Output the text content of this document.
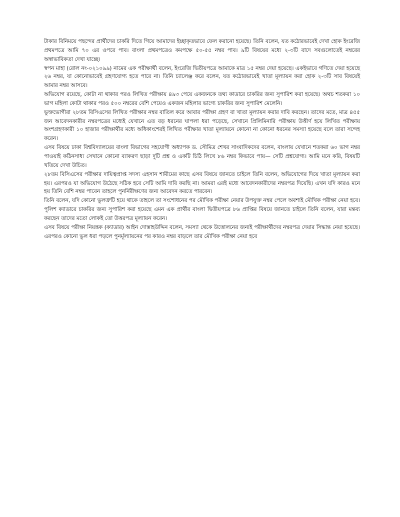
টাকার বিনিময়ে পছন্দের প্রার্থীদের চাকরি দিতে গিয়ে আমাদের ইচ্ছাকৃতভাবে ফেল করানো হয়েছে। তিনি বলেন, যত কঠোরভাবেই দেখা হোক ইংরেজি প্রথমপত্রে আমি ৭০ এর ওপরে পাব। বাংলা প্রথমপত্রেও কমপক্ষে ৫০-৫৫ নম্বর পাব। ৯টি বিষয়ের মধ্যে ২-৩টি বাদে সবগুলোতেই নম্বরের অস্বাভাবিকতা দেখা যাচ্ছে।

স্বপন মাহা (রোল নং-০২১০৯৯) নামের এক পরীক্ষার্থী বলেন, ইংরেজি দ্বিতীয়পত্রে আমাকে মাত্র ১৫ নম্বর দেয়া হয়েছে। একইভাবে গণিতে দেয়া হয়েছে ২৬ নম্বর, যা কোনোভাবেই গ্রহণযোগ্য হতে পারে না। তিনি চ্যালেঞ্জ করে বলেন, যত কঠোরভাবেই খাতা মূল্যায়ন করা হোক ২-৩টি সাব বিষয়েই আমার নম্বর আসবে।

অভিযোগ রয়েছে, কোটা না থাকার পরও লিখিত পরীক্ষায় ৪৯৩ পেয়ে একজনকে তথ্য কাডারে চাকরির জন্য সুপারিশ করা হয়েছে। অথচ শতকরা ১০ ভাগ মহিলা কোটা থাকার পরও ৫০০ নম্বরের বেশি পেয়েও একজন মহিলার ভাগ্যে চাকরির জন্য সুপারিশ মেলেনি।

ভুক্তভোগীরা ২৮তম বিসিএসের লিখিত পরীক্ষার নম্বর বাতিল করে আবার পরীক্ষা গ্রহণ বা খাতা মূল্যায়ন করার দাবি করছেন। তাদের মতে, মাত্র ৪৫৫ জন আবেদনকারীর নম্বরপত্রের মধ্যেই যেখানে এত বড় ধরনের ঘাপলা ধরা পড়েছে, সেখানে প্রিলিমিনারি পরীক্ষায় উত্তীর্ণ হয়ে লিখিত পরীক্ষায় অংশগ্রহণকারী ১০ হাজার পরীক্ষার্থীর মধ্যে অধিকাংশেরই লিখিত পরীক্ষার খাতা মূল্যায়নে কোনো না কোনো ধরনের সমস্যা হয়েছে বলে তারা সন্দেহ করেন।

এসব বিষয়ে ঢাকা বিশ্ববিদ্যালয়ের বাংলা বিভাগের সহযোগী অধ্যাপক ড. সৌমিত্র শেখর সাংবাদিকদের বলেন, বাংলায় যেখানে শতকরা ৬০ ভাগ নম্বর পাওয়াই কঠিনসাধ্য সেখানে কোনো ব্যাকরণ ছাড়া দুটি প্রশ্ন ও একটি চিঠি লিখে ৮৬ নম্বর কিভাবে পায়— সেটি প্রশ্নযোগ্য। আমি মনে করি, বিষয়টি খতিয়ে দেখা উচিত।

২৮তম বিসিএসের পরীক্ষার দায়িত্বপ্রাপ্ত সদস্য এহসান শামীমের কাছে এসব বিষয়ে জানতে চাইলে তিনি বলেন, অভিযোগের দিয়ে খাতা মূল্যায়ন করা হয়। এরপরও যা অভিযোগ উঠেছে সঠিক হবে সেটি আমি দাবি করছি না। আমরা এরই মধ্যে আবেদনকারীদের নম্বরপত্র দিয়েছি। এখন যদি কারও মনে হয় তিনি বেশি নম্বর পাবেন তাহলে পুনর্নিরীক্ষণের জন্য আবেদন করতে পারবেন।

তিনি বলেন, যদি কোনো ভুলত্রুটি হয়ে থাকে তাহলে তা সংশোধনের পর মৌখিক পরীক্ষা নেয়ার উপযুক্ত নম্বর পেলে অবশ্যই মৌখিক পরীক্ষা নেয়া হবে। পুলিশ ক্যাডারে চাকরির জন্য সুপারিশ করা হয়েছে এমন এক প্রার্থীর বাংলা দ্বিতীয়পত্রে ৮৬ প্রাপ্তির বিষয়ে জানতে চাইলে তিনি বলেন, যারা মন্তব্য করছেন তাদের মতো লোকই তো উত্তরপত্র মূল্যায়ন করেন।

এসব বিষয়ে পরীক্ষা নিয়ন্ত্রক (ক্যাডার) আইন দোস্তাহউদ্দিন বলেন, সমস্যা থেকে উত্তোলনের জন্যই পরীক্ষার্থীদের নম্বরপত্র দেয়ার সিদ্ধান্ত নেয়া হয়েছে। এরপরও কোনো ভুল ধরা পড়লে পুনর্মূল্যায়নের পর কারও নম্বর বাড়লে তার মৌখিক পরীক্ষা নেয়া হবে
